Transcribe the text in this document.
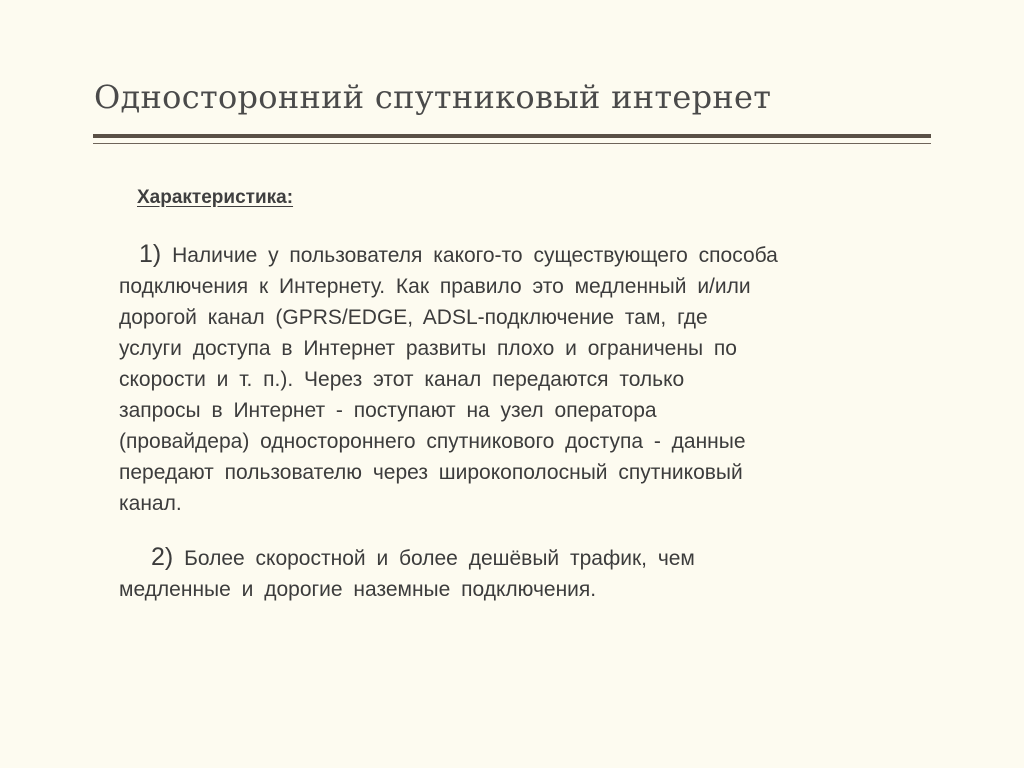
Односторонний спутниковый интернет
Характеристика:
1) Наличие у пользователя какого-то существующего способа
подключения к Интернету. Как правило это медленный и/или
дорогой канал (GPRS/EDGE, ADSL-подключение там, где
услуги доступа в Интернет развиты плохо и ограничены по
скорости и т. п.). Через этот канал передаются только
запросы в Интернет - поступают на узел оператора
(провайдера) одностороннего спутникового доступа - данные
передают пользователю через широкополосный спутниковый
канал.
2) Более скоростной и более дешёвый трафик, чем
медленные и дорогие наземные подключения.
